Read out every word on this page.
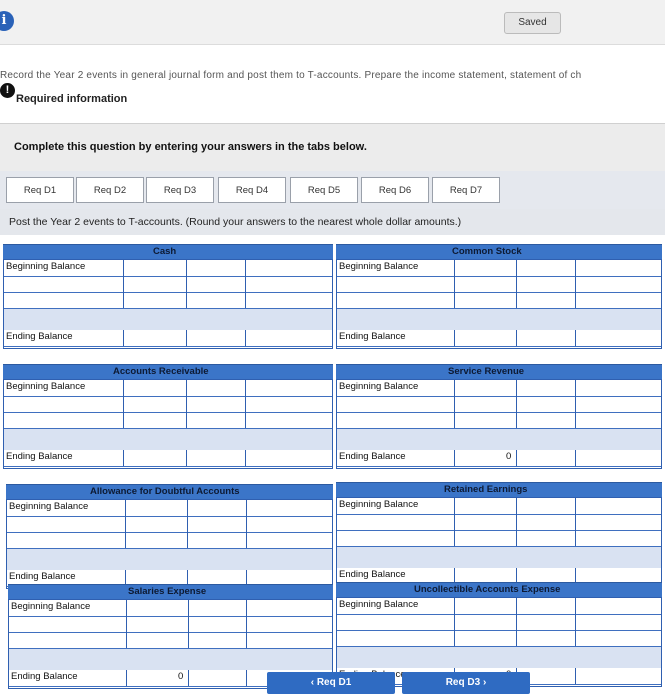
i	Saved
Record the Year 2 events in general journal form and post them to T-accounts. Prepare the income statement, statement of ch
!
Required information
Complete this question by entering your answers in the tabs below.
Req D1	Req D2	Req D3	Req D4	Req D5	Req D6	Req D7
Post the Year 2 events to T-accounts. (Round your answers to the nearest whole dollar amounts.)
Cash
Beginning Balance
Ending Balance
Common Stock
Beginning Balance
Ending Balance
Accounts Receivable
Beginning Balance
Ending Balance
Service Revenue
Beginning Balance
Ending Balance	0
Allowance for Doubtful Accounts
Beginning Balance
Ending Balance
Retained Earnings
Beginning Balance
Ending Balance
Salaries Expense
Beginning Balance
Ending Balance	0
Uncollectible Accounts Expense
Beginning Balance
‹ Req D1	Req D3 ›
